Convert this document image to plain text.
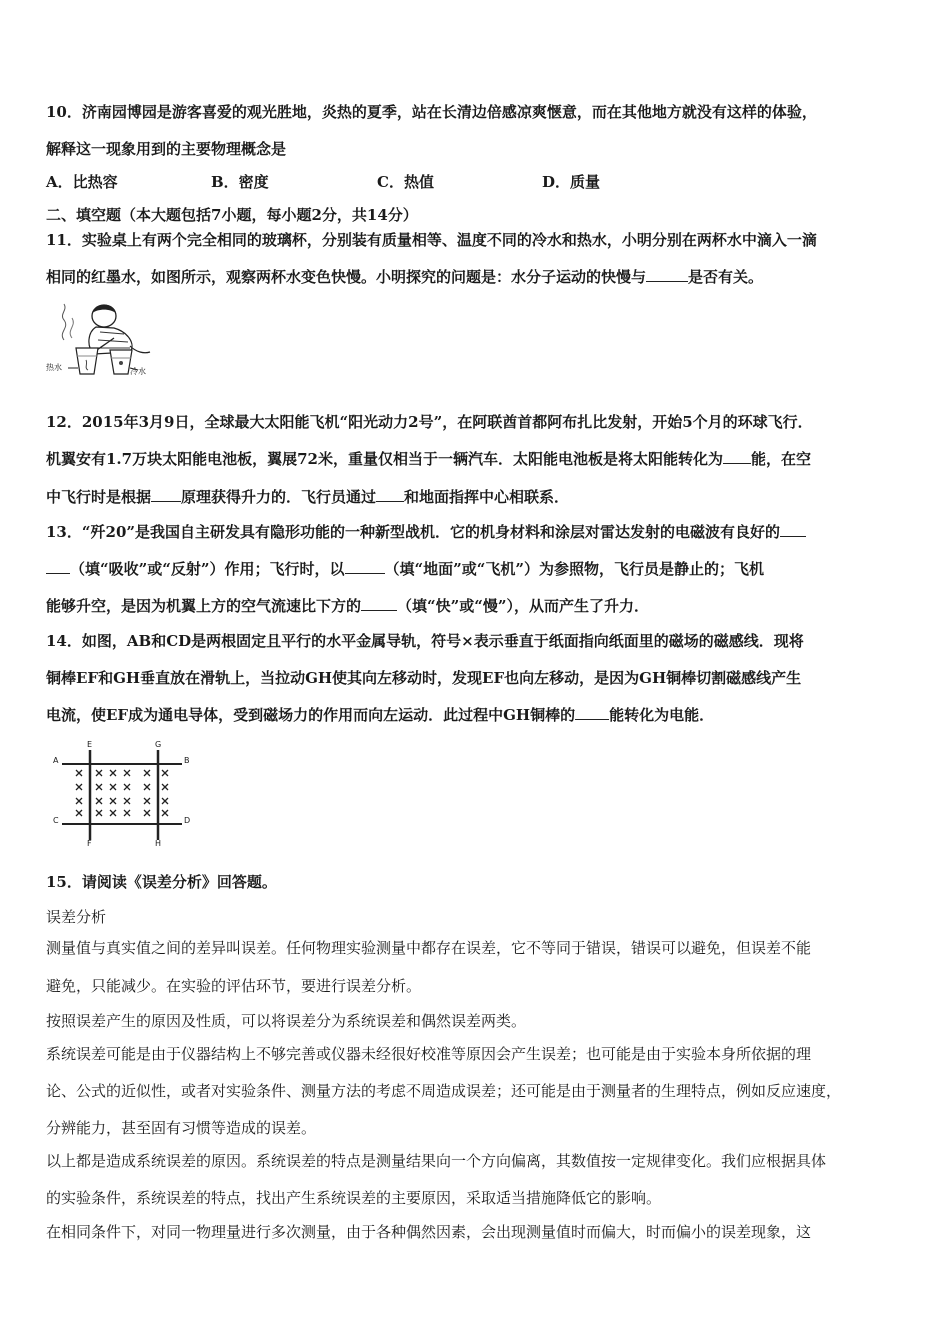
10．济南园博园是游客喜爱的观光胜地，炎热的夏季，站在长清边倍感凉爽惬意，而在其他地方就没有这样的体验，
解释这一现象用到的主要物理概念是
A．比热容	B．密度	C．热值	D．质量
二、填空题（本大题包括7小题，每小题2分，共14分）
11．实验桌上有两个完全相同的玻璃杯，分别装有质量相等、温度不同的冷水和热水，小明分别在两杯水中滴入一滴
相同的红墨水，如图所示，观察两杯水变色快慢。小明探究的问题是：水分子运动的快慢与	是否有关。
热水	冷水
12．2015年3月9日，全球最大太阳能飞机“阳光动力2号”，在阿联酋首都阿布扎比发射，开始5个月的环球飞行．
机翼安有1.7万块太阳能电池板，翼展72米，重量仅相当于一辆汽车．太阳能电池板是将太阳能转化为 能，在空
中飞行时是根据 原理获得升力的．飞行员通过 和地面指挥中心相联系．
13．“歼20”是我国自主研发具有隐形功能的一种新型战机．它的机身材料和涂层对雷达发射的电磁波有良好的
（填“吸收”或“反射”）作用；飞行时，以	（填“地面”或“飞机”）为参照物，飞行员是静止的；飞机
能够升空，是因为机翼上方的空气流速比下方的 （填“快”或“慢”），从而产生了升力．
14．如图，AB和CD是两根固定且平行的水平金属导轨，符号×表示垂直于纸面指向纸面里的磁场的磁感线．现将
铜棒EF和GH垂直放在滑轨上，当拉动GH使其向左移动时，发现EF也向左移动，是因为GH铜棒切割磁感线产生
电流，使EF成为通电导体，受到磁场力的作用而向左运动．此过程中GH铜棒的 能转化为电能．
A	B
C	D
E
F
G
H
15．请阅读《误差分析》回答题。
误差分析
测量值与真实值之间的差异叫误差。任何物理实验测量中都存在误差，它不等同于错误，错误可以避免，但误差不能
避免，只能减少。在实验的评估环节，要进行误差分析。
按照误差产生的原因及性质，可以将误差分为系统误差和偶然误差两类。
系统误差可能是由于仪器结构上不够完善或仪器未经很好校准等原因会产生误差；也可能是由于实验本身所依据的理
论、公式的近似性，或者对实验条件、测量方法的考虑不周造成误差；还可能是由于测量者的生理特点，例如反应速度，
分辨能力，甚至固有习惯等造成的误差。
以上都是造成系统误差的原因。系统误差的特点是测量结果向一个方向偏离，其数值按一定规律变化。我们应根据具体
的实验条件，系统误差的特点，找出产生系统误差的主要原因，采取适当措施降低它的影响。
在相同条件下，对同一物理量进行多次测量，由于各种偶然因素，会出现测量值时而偏大，时而偏小的误差现象，这
